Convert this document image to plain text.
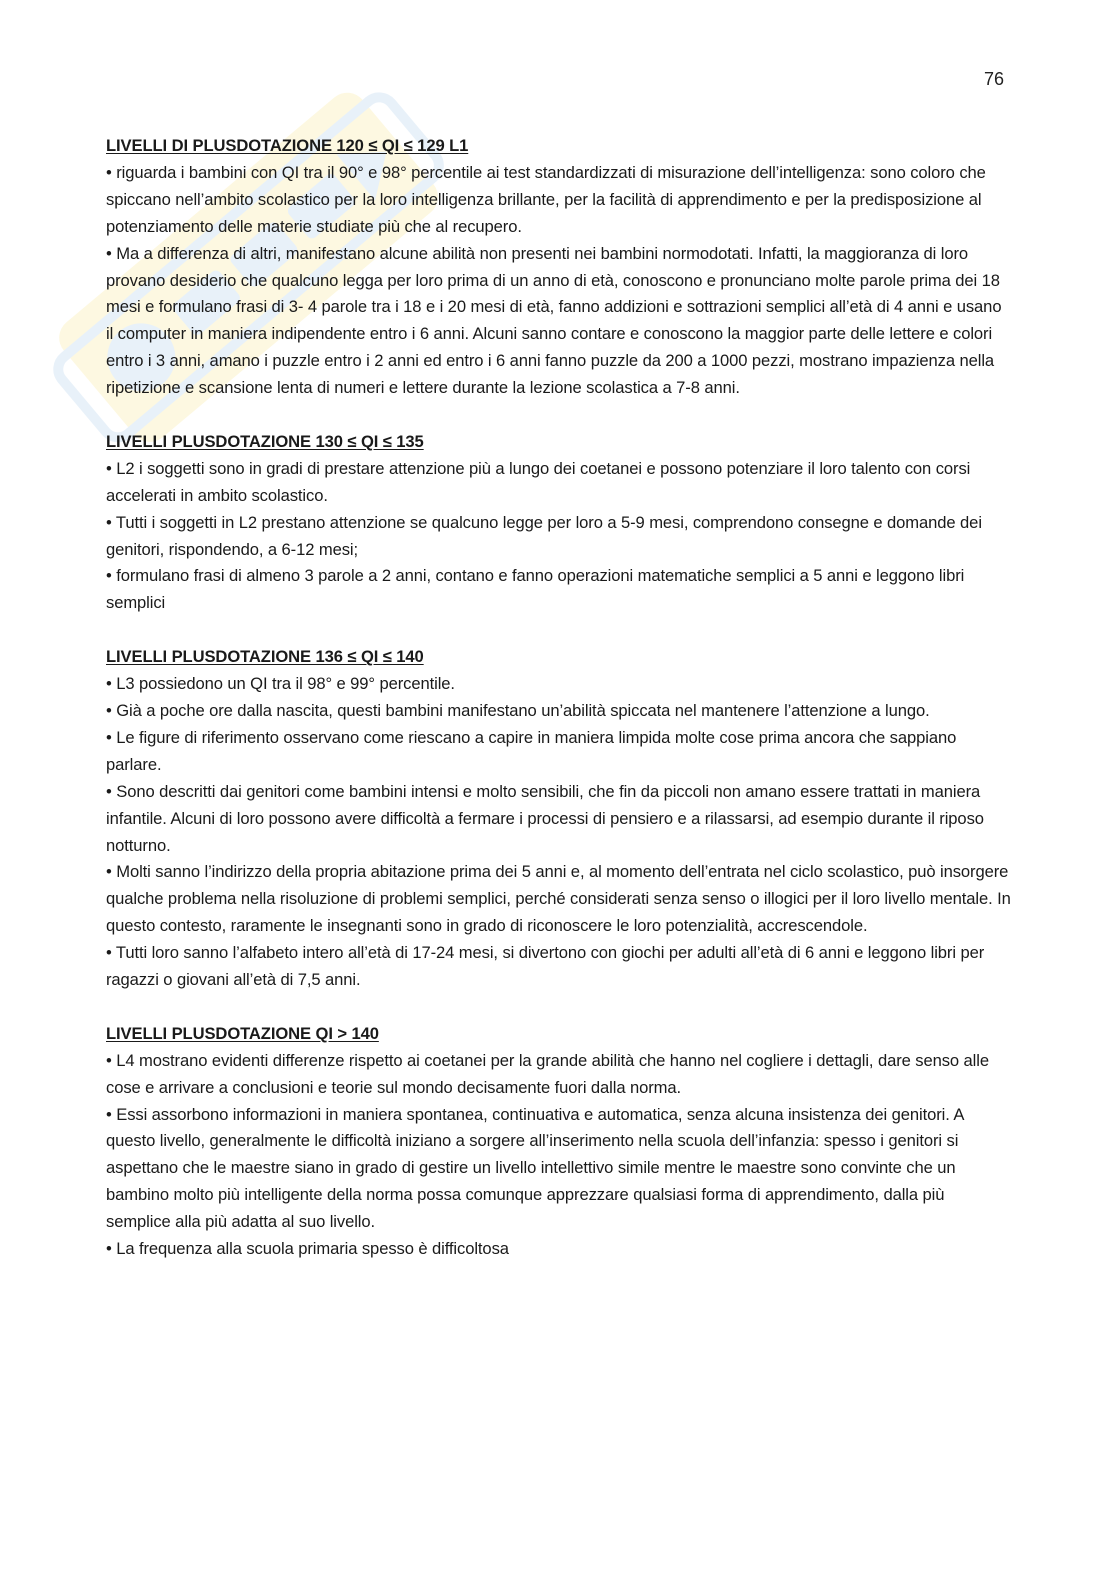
76
LIVELLI DI PLUSDOTAZIONE 120 ≤ QI ≤ 129 L1
• riguarda i bambini con QI tra il 90° e 98° percentile ai test standardizzati di misurazione dell’intelligenza: sono coloro che spiccano nell’ambito scolastico per la loro intelligenza brillante, per la facilità di apprendimento e per la predisposizione al potenziamento delle materie studiate più che al recupero.
• Ma a differenza di altri, manifestano alcune abilità non presenti nei bambini normodotati. Infatti, la maggioranza di loro provano desiderio che qualcuno legga per loro prima di un anno di età, conoscono e pronunciano molte parole prima dei 18 mesi e formulano frasi di 3- 4 parole tra i 18 e i 20 mesi di età, fanno addizioni e sottrazioni semplici all’età di 4 anni e usano il computer in maniera indipendente entro i 6 anni. Alcuni sanno contare e conoscono la maggior parte delle lettere e colori entro i 3 anni, amano i puzzle entro i 2 anni ed entro i 6 anni fanno puzzle da 200 a 1000 pezzi, mostrano impazienza nella ripetizione e scansione lenta di numeri e lettere durante la lezione scolastica a 7-8 anni.
LIVELLI PLUSDOTAZIONE 130 ≤ QI ≤ 135
• L2 i soggetti sono in gradi di prestare attenzione più a lungo dei coetanei e possono potenziare il loro talento con corsi accelerati in ambito scolastico.
• Tutti i soggetti in L2 prestano attenzione se qualcuno legge per loro a 5-9 mesi, comprendono consegne e domande dei genitori, rispondendo, a 6-12 mesi;
• formulano frasi di almeno 3 parole a 2 anni, contano e fanno operazioni matematiche semplici a 5 anni e leggono libri semplici
LIVELLI PLUSDOTAZIONE 136 ≤ QI ≤ 140
• L3 possiedono un QI tra il 98° e 99° percentile.
• Già a poche ore dalla nascita, questi bambini manifestano un’abilità spiccata nel mantenere l’attenzione a lungo.
• Le figure di riferimento osservano come riescano a capire in maniera limpida molte cose prima ancora che sappiano parlare.
• Sono descritti dai genitori come bambini intensi e molto sensibili, che fin da piccoli non amano essere trattati in maniera infantile. Alcuni di loro possono avere difficoltà a fermare i processi di pensiero e a rilassarsi, ad esempio durante il riposo notturno.
• Molti sanno l’indirizzo della propria abitazione prima dei 5 anni e, al momento dell’entrata nel ciclo scolastico, può insorgere qualche problema nella risoluzione di problemi semplici, perché considerati senza senso o illogici per il loro livello mentale. In questo contesto, raramente le insegnanti sono in grado di riconoscere le loro potenzialità, accrescendole.
• Tutti loro sanno l’alfabeto intero all’età di 17-24 mesi, si divertono con giochi per adulti all’età di 6 anni e leggono libri per ragazzi o giovani all’età di 7,5 anni.
LIVELLI PLUSDOTAZIONE QI > 140
• L4 mostrano evidenti differenze rispetto ai coetanei per la grande abilità che hanno nel cogliere i dettagli, dare senso alle cose e arrivare a conclusioni e teorie sul mondo decisamente fuori dalla norma.
• Essi assorbono informazioni in maniera spontanea, continuativa e automatica, senza alcuna insistenza dei genitori. A questo livello, generalmente le difficoltà iniziano a sorgere all’inserimento nella scuola dell’infanzia: spesso i genitori si aspettano che le maestre siano in grado di gestire un livello intellettivo simile mentre le maestre sono convinte che un bambino molto più intelligente della norma possa comunque apprezzare qualsiasi forma di apprendimento, dalla più semplice alla più adatta al suo livello.
• La frequenza alla scuola primaria spesso è difficoltosa
